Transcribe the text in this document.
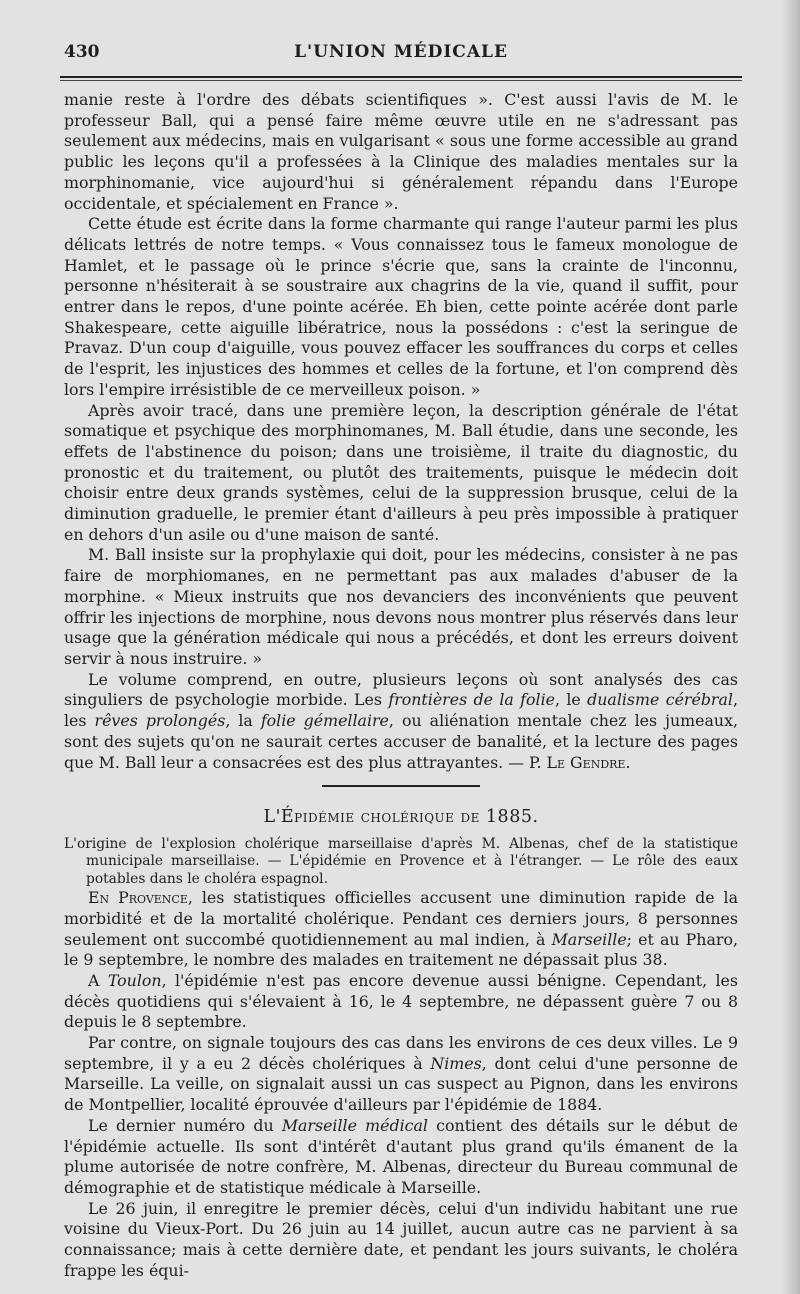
430	L'UNION MÉDICALE

manie reste à l'ordre des débats scientifiques ». C'est aussi l'avis de M. le professeur Ball, qui a pensé faire même œuvre utile en ne s'adressant pas seulement aux médecins, mais en vulgarisant « sous une forme accessible au grand public les leçons qu'il a professées à la Clinique des maladies mentales sur la morphinomanie, vice aujourd'hui si généralement répandu dans l'Europe occidentale, et spécialement en France ».

Cette étude est écrite dans la forme charmante qui range l'auteur parmi les plus délicats lettrés de notre temps. « Vous connaissez tous le fameux monologue de Hamlet, et le passage où le prince s'écrie que, sans la crainte de l'inconnu, personne n'hésiterait à se soustraire aux chagrins de la vie, quand il suffit, pour entrer dans le repos, d'une pointe acérée. Eh bien, cette pointe acérée dont parle Shakespeare, cette aiguille libératrice, nous la possédons : c'est la seringue de Pravaz. D'un coup d'aiguille, vous pouvez effacer les souffrances du corps et celles de l'esprit, les injustices des hommes et celles de la fortune, et l'on comprend dès lors l'empire irrésistible de ce merveilleux poison. »

Après avoir tracé, dans une première leçon, la description générale de l'état somatique et psychique des morphinomanes, M. Ball étudie, dans une seconde, les effets de l'abstinence du poison; dans une troisième, il traite du diagnostic, du pronostic et du traitement, ou plutôt des traitements, puisque le médecin doit choisir entre deux grands systèmes, celui de la suppression brusque, celui de la diminution graduelle, le premier étant d'ailleurs à peu près impossible à pratiquer en dehors d'un asile ou d'une maison de santé.

M. Ball insiste sur la prophylaxie qui doit, pour les médecins, consister à ne pas faire de morphiomanes, en ne permettant pas aux malades d'abuser de la morphine. « Mieux instruits que nos devanciers des inconvénients que peuvent offrir les injections de morphine, nous devons nous montrer plus réservés dans leur usage que la génération médicale qui nous a précédés, et dont les erreurs doivent servir à nous instruire. »

Le volume comprend, en outre, plusieurs leçons où sont analysés des cas singuliers de psychologie morbide. Les frontières de la folie, le dualisme cérébral, les rêves prolongés, la folie gémellaire, ou aliénation mentale chez les jumeaux, sont des sujets qu'on ne saurait certes accuser de banalité, et la lecture des pages que M. Ball leur a consacrées est des plus attrayantes. — P. Le Gendre.

L'Épidémie cholérique de 1885.

L'origine de l'explosion cholérique marseillaise d'après M. Albenas, chef de la statistique municipale marseillaise. — L'épidémie en Provence et à l'étranger. — Le rôle des eaux potables dans le choléra espagnol.

En Provence, les statistiques officielles accusent une diminution rapide de la morbidité et de la mortalité cholérique. Pendant ces derniers jours, 8 personnes seulement ont succombé quotidiennement au mal indien, à Marseille; et au Pharo, le 9 septembre, le nombre des malades en traitement ne dépassait plus 38.

A Toulon, l'épidémie n'est pas encore devenue aussi bénigne. Cependant, les décès quotidiens qui s'élevaient à 16, le 4 septembre, ne dépassent guère 7 ou 8 depuis le 8 septembre.

Par contre, on signale toujours des cas dans les environs de ces deux villes. Le 9 septembre, il y a eu 2 décès cholériques à Nimes, dont celui d'une personne de Marseille. La veille, on signalait aussi un cas suspect au Pignon, dans les environs de Montpellier, localité éprouvée d'ailleurs par l'épidémie de 1884.

Le dernier numéro du Marseille médical contient des détails sur le début de l'épidémie actuelle. Ils sont d'intérêt d'autant plus grand qu'ils émanent de la plume autorisée de notre confrère, M. Albenas, directeur du Bureau communal de démographie et de statistique médicale à Marseille.

Le 26 juin, il enregitre le premier décès, celui d'un individu habitant une rue voisine du Vieux-Port. Du 26 juin au 14 juillet, aucun autre cas ne parvient à sa connaissance; mais à cette dernière date, et pendant les jours suivants, le choléra frappe les équi-
